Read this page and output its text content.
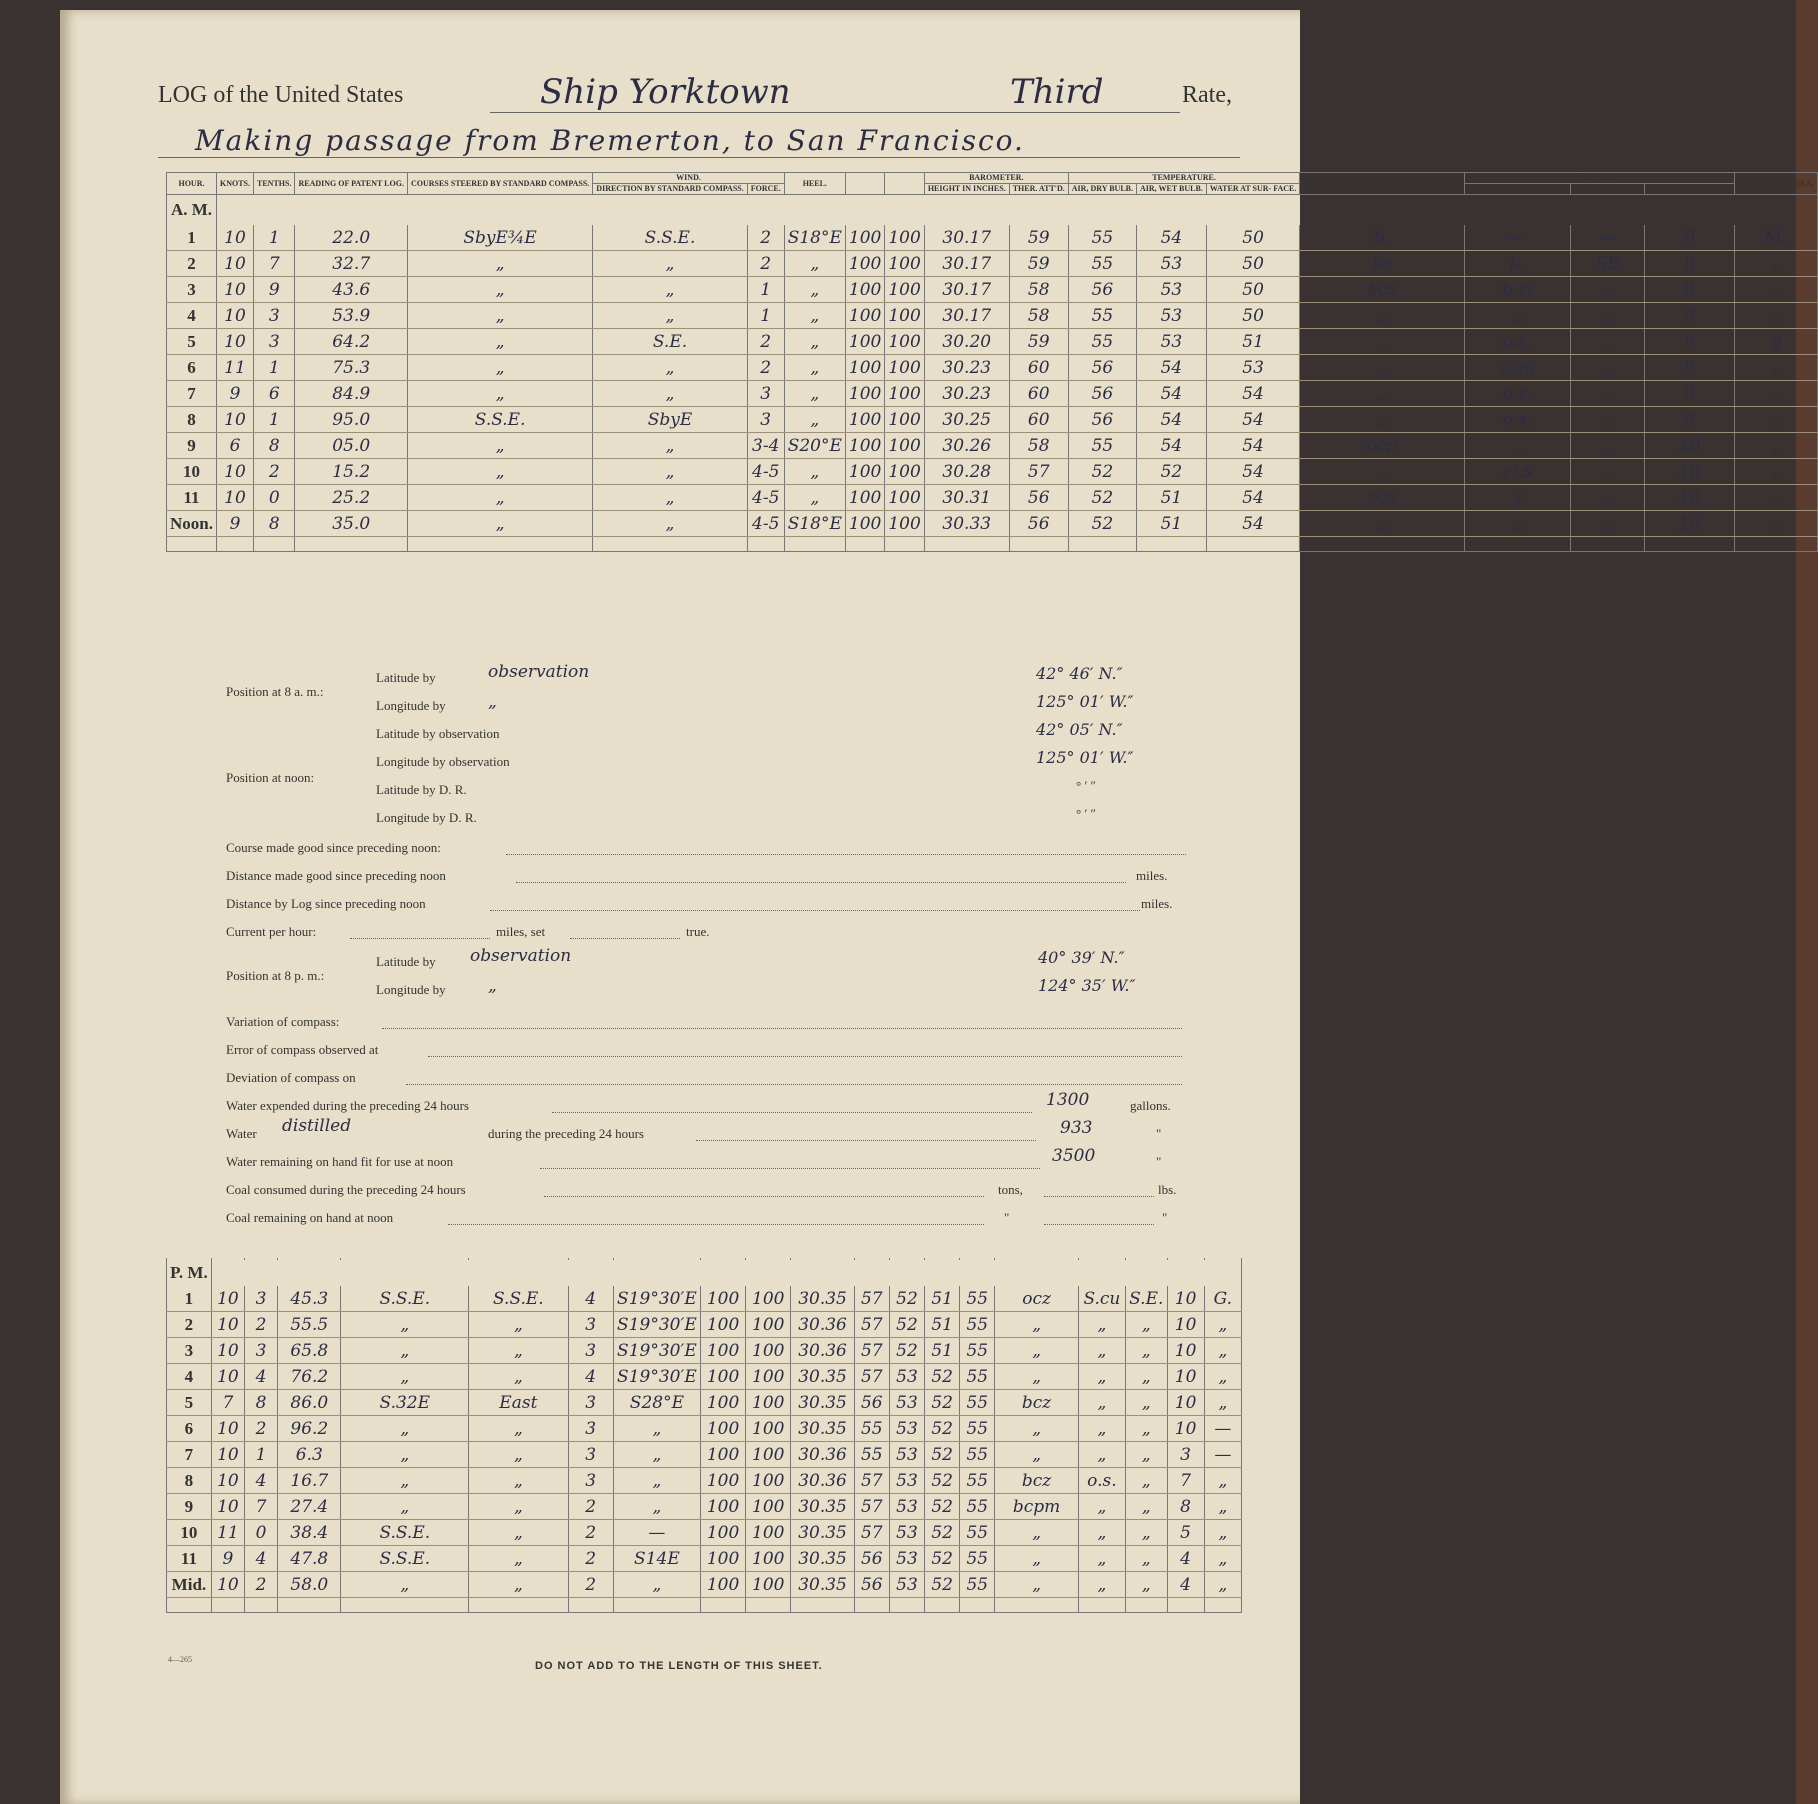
LOG of the United States	Ship Yorktown	Third	Rate,
Making passage from Bremerton, to San Francisco.
HOUR.	KNOTS.	TENTHS.	READING OF PATENT LOG.	COURSES STEERED BY STANDARD COMPASS.	WIND.		HEEL.			BAROMETER.		TEMPERATURE.			STATE OF THE WEATHER, BY SYMBOLS.	CLOUDS.			STATE OF THE SEA.
					DIRECTION BY STANDARD COMPASS.	FORCE.				HEIGHT IN INCHES.	THER. ATT'D.	AIR, DRY BULB.	AIR, WET BULB.	WATER AT SUR- FACE.		FORMS OF, BY SYMBOLS.	MOV- ING FROM.	AM'T. SCALE 0 TO 10.	
A. M.																			
1	10	1	22.0	SbyE¾E	S.S.E.	2	S18°E	100	100	30.17	59	55	54	50	b.	—	—	0	M.
2	10	7	32.7	„	„	2	„	100	100	30.17	59	55	53	50	bc	b.	SE	8	„
3	10	9	43.6	„	„	1	„	100	100	30.17	58	56	53	50	bcz	b.ci	„	9	„
4	10	3	53.9	„	„	1	„	100	100	30.17	58	55	53	50	„	„	„	9	„
5	10	3	64.2	„	S.E.	2	„	100	100	30.20	59	55	53	51	„	o.s.	„	9	g
6	11	1	75.3	„	„	2	„	100	100	30.23	60	56	54	53	„	o.cu	„	9	„
7	9	6	84.9	„	„	3	„	100	100	30.23	60	56	54	54	„	o.s.	„	9	„
8	10	1	95.0	S.S.E.	SbyE	3	„	100	100	30.25	60	56	54	54	„	o.s.	„	9	„
9	6	8	05.0	„	„	3-4	S20°E	100	100	30.26	58	55	54	54	ocp	„	„	10	„
10	10	2	15.2	„	„	4-5	„	100	100	30.28	57	52	52	54	„	ci.s	„	10	„
11	10	0	25.2	„	„	4-5	„	100	100	30.31	56	52	51	54	ocz	x	„	10	„
Noon.	9	8	35.0	„	„	4-5	S18°E	100	100	30.33	56	52	51	54	„	„	„	10	„

Position at 8 a. m.:
Latitude by	observation	42° 46′ N.″
Longitude by „	125° 01′ W.″
Position at noon:
Latitude by observation	42° 05′ N.″
Longitude by observation	125° 01′ W.″
Latitude by D. R.	° ′ ″
Longitude by D. R.	° ′ ″
Course made good since preceding noon:
Distance made good since preceding noon	miles.
Distance by Log since preceding noon	miles.
Current per hour:	miles, set	true.
Position at 8 p. m.:
Latitude by observation	40° 39′ N.″
Longitude by „	124° 35′ W.″
Variation of compass:
Error of compass observed at
Deviation of compass on
Water expended during the preceding 24 hours	1300	gallons.
Water distilled	during the preceding 24 hours	933	"
Water remaining on hand fit for use at noon	3500	"
Coal consumed during the preceding 24 hours	tons,	lbs.
Coal remaining on hand at noon	"	"

P. M.																			
1	10	3	45.3	S.S.E.	S.S.E.	4	S19°30′E	100	100	30.35	57	52	51	55	ocz	S.cu	S.E.	10	G.
2	10	2	55.5	„	„	3	S19°30′E	100	100	30.36	57	52	51	55	„	„	„	10	„
3	10	3	65.8	„	„	3	S19°30′E	100	100	30.36	57	52	51	55	„	„	„	10	„
4	10	4	76.2	„	„	4	S19°30′E	100	100	30.35	57	53	52	55	„	„	„	10	„
5	7	8	86.0	S.32E	East	3	S28°E	100	100	30.35	56	53	52	55	bcz	„	„	10	„
6	10	2	96.2	„	„	3	„	100	100	30.35	55	53	52	55	„	„	„	10	—
7	10	1	6.3	„	„	3	„	100	100	30.36	55	53	52	55	„	„	„	3	—
8	10	4	16.7	„	„	3	„	100	100	30.36	57	53	52	55	bcz	o.s.	„	7	„
9	10	7	27.4	„	„	2	„	100	100	30.35	57	53	52	55	bcpm	„	„	8	„
10	11	0	38.4	S.S.E.	„	2	—	100	100	30.35	57	53	52	55	„	„	„	5	„
11	9	4	47.8	S.S.E.	„	2	S14E	100	100	30.35	56	53	52	55	„	„	„	4	„
Mid.	10	2	58.0	„	„	2	„	100	100	30.35	56	53	52	55	„	„	„	4	„

4—265
DO NOT ADD TO THE LENGTH OF THIS SHEET.
